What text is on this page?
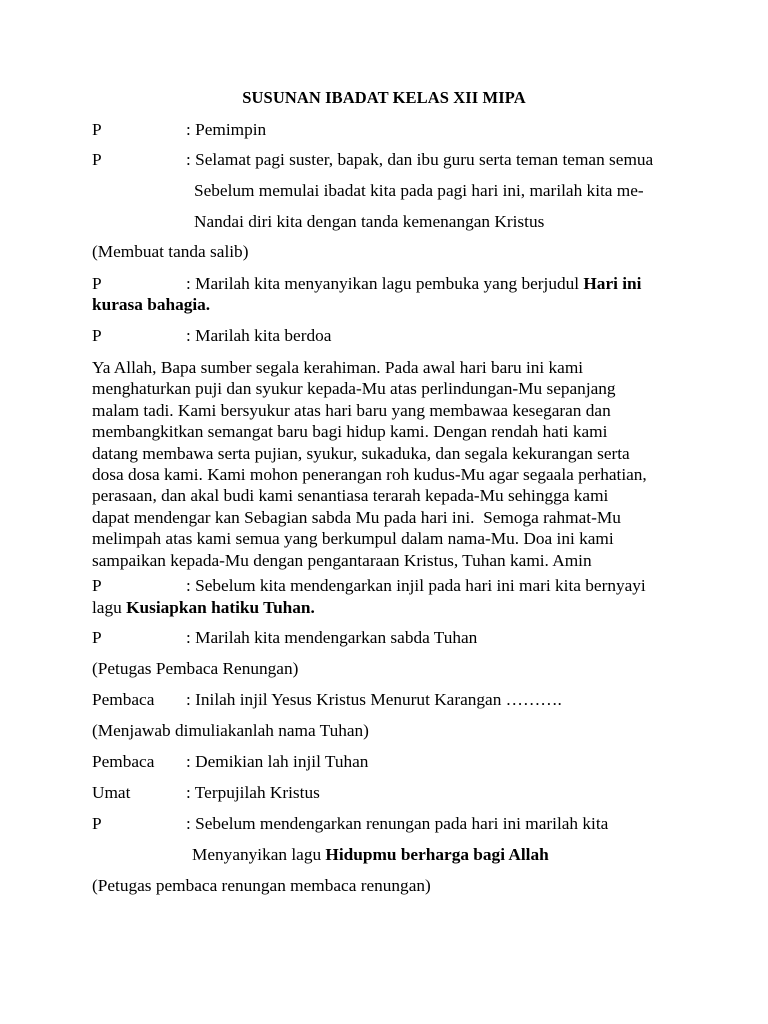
SUSUNAN IBADAT KELAS XII MIPA
P	: Pemimpin
P	: Selamat pagi suster, bapak, dan ibu guru serta teman teman semua
Sebelum memulai ibadat kita pada pagi hari ini, marilah kita me-
Nandai diri kita dengan tanda kemenangan Kristus
(Membuat tanda salib)
P	: Marilah kita menyanyikan lagu pembuka yang berjudul Hari ini
kurasa bahagia.
P	: Marilah kita berdoa
Ya Allah, Bapa sumber segala kerahiman. Pada awal hari baru ini kami
menghaturkan puji dan syukur kepada-Mu atas perlindungan-Mu sepanjang
malam tadi. Kami bersyukur atas hari baru yang membawaa kesegaran dan
membangkitkan semangat baru bagi hidup kami. Dengan rendah hati kami
datang membawa serta pujian, syukur, sukaduka, dan segala kekurangan serta
dosa dosa kami. Kami mohon penerangan roh kudus-Mu agar segaala perhatian,
perasaan, dan akal budi kami senantiasa terarah kepada-Mu sehingga kami
dapat mendengar kan Sebagian sabda Mu pada hari ini.  Semoga rahmat-Mu
melimpah atas kami semua yang berkumpul dalam nama-Mu. Doa ini kami
sampaikan kepada-Mu dengan pengantaraan Kristus, Tuhan kami. Amin
P	: Sebelum kita mendengarkan injil pada hari ini mari kita bernyayi
lagu Kusiapkan hatiku Tuhan.
P	: Marilah kita mendengarkan sabda Tuhan
(Petugas Pembaca Renungan)
Pembaca : Inilah injil Yesus Kristus Menurut Karangan ……….
(Menjawab dimuliakanlah nama Tuhan)
Pembaca : Demikian lah injil Tuhan
Umat	: Terpujilah Kristus
P	: Sebelum mendengarkan renungan pada hari ini marilah kita
Menyanyikan lagu Hidupmu berharga bagi Allah
(Petugas pembaca renungan membaca renungan)
